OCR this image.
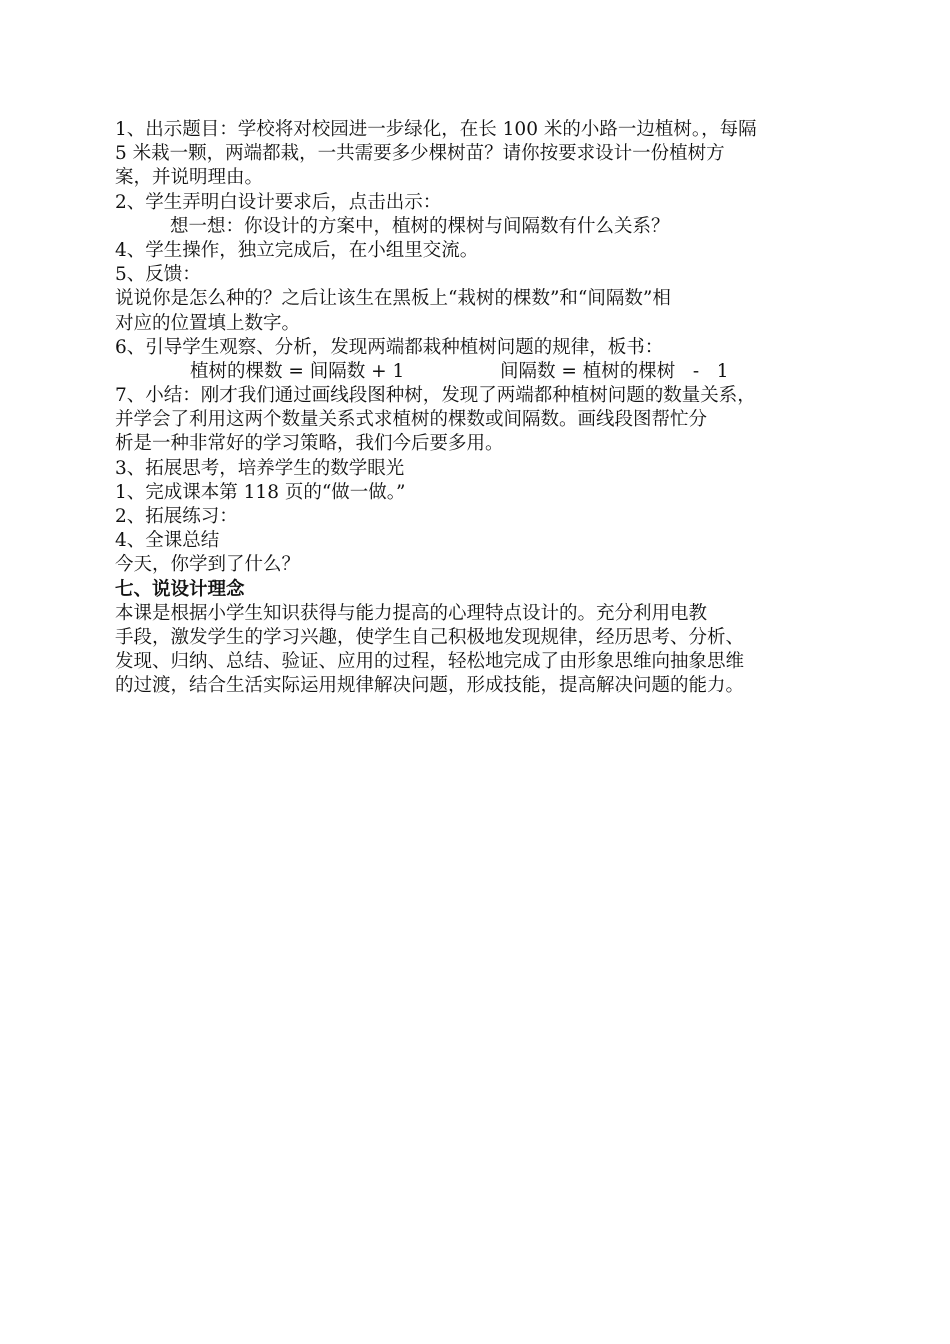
1、出示题目：学校将对校园进一步绿化，在长 100 米的小路一边植树。，每隔
5 米栽一颗，两端都栽，一共需要多少棵树苗？请你按要求设计一份植树方
案，并说明理由。
2、学生弄明白设计要求后，点击出示：
想一想：你设计的方案中，植树的棵树与间隔数有什么关系？
4、学生操作，独立完成后，在小组里交流。
5、反馈：
说说你是怎么种的？之后让该生在黑板上“栽树的棵数”和“间隔数”相
对应的位置填上数字。
6、引导学生观察、分析，发现两端都栽种植树问题的规律，板书：
植树的棵数 = 间隔数 + 1	间隔数 = 植树的棵树   -   1
7、小结：刚才我们通过画线段图种树，发现了两端都种植树问题的数量关系，
并学会了利用这两个数量关系式求植树的棵数或间隔数。画线段图帮忙分
析是一种非常好的学习策略，我们今后要多用。
3、拓展思考，培养学生的数学眼光
1、完成课本第 118 页的“做一做。”
2、拓展练习：
4、全课总结
今天，你学到了什么？
七、说设计理念
本课是根据小学生知识获得与能力提高的心理特点设计的。充分利用电教
手段，激发学生的学习兴趣，使学生自己积极地发现规律，经历思考、分析、
发现、归纳、总结、验证、应用的过程，轻松地完成了由形象思维向抽象思维
的过渡，结合生活实际运用规律解决问题，形成技能，提高解决问题的能力。
